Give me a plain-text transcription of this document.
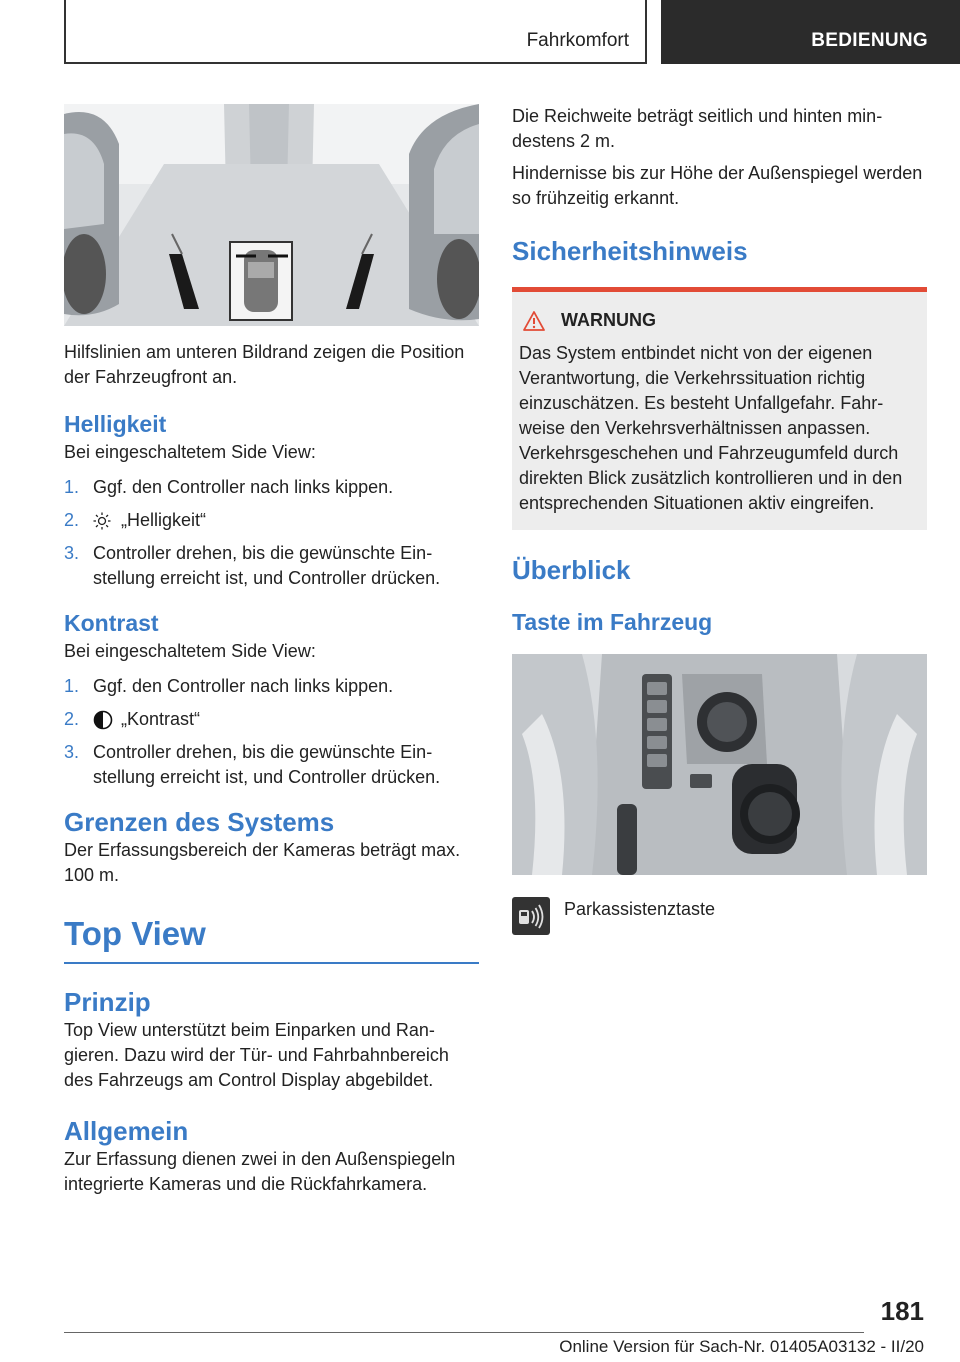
Fahrkomfort	BEDIENUNG

Hilfslinien am unteren Bildrand zeigen die Position der Fahrzeugfront an.

Helligkeit

Bei eingeschaltetem Side View:

1. Ggf. den Controller nach links kippen.
2.	„Helligkeit“
3. Controller drehen, bis die gewünschte Einstellung erreicht ist, und Controller drücken.
Kontrast

Bei eingeschaltetem Side View:

1. Ggf. den Controller nach links kippen.
2.	„Kontrast“
3. Controller drehen, bis die gewünschte Einstellung erreicht ist, und Controller drücken.
Grenzen des Systems

Der Erfassungsbereich der Kameras beträgt max. 100 m.

Top View
Prinzip

Top View unterstützt beim Einparken und Rangieren. Dazu wird der Tür- und Fahrbahnbereich des Fahrzeugs am Control Display abgebildet.

Allgemein

Zur Erfassung dienen zwei in den Außenspiegeln integrierte Kameras und die Rückfahrkamera.

Die Reichweite beträgt seitlich und hinten mindestens 2 m.

Hindernisse bis zur Höhe der Außenspiegel werden so frühzeitig erkannt.

Sicherheitshinweis
WARNUNG

Das System entbindet nicht von der eigenen Verantwortung, die Verkehrssituation richtig einzuschätzen. Es besteht Unfallgefahr. Fahrweise den Verkehrsverhältnissen anpassen. Verkehrsgeschehen und Fahrzeugumfeld durch direkten Blick zusätzlich kontrollieren und in den entsprechenden Situationen aktiv eingreifen.

Überblick
Taste im Fahrzeug

Parkassistenztaste

181
Online Version für Sach-Nr. 01405A03132 - II/20
